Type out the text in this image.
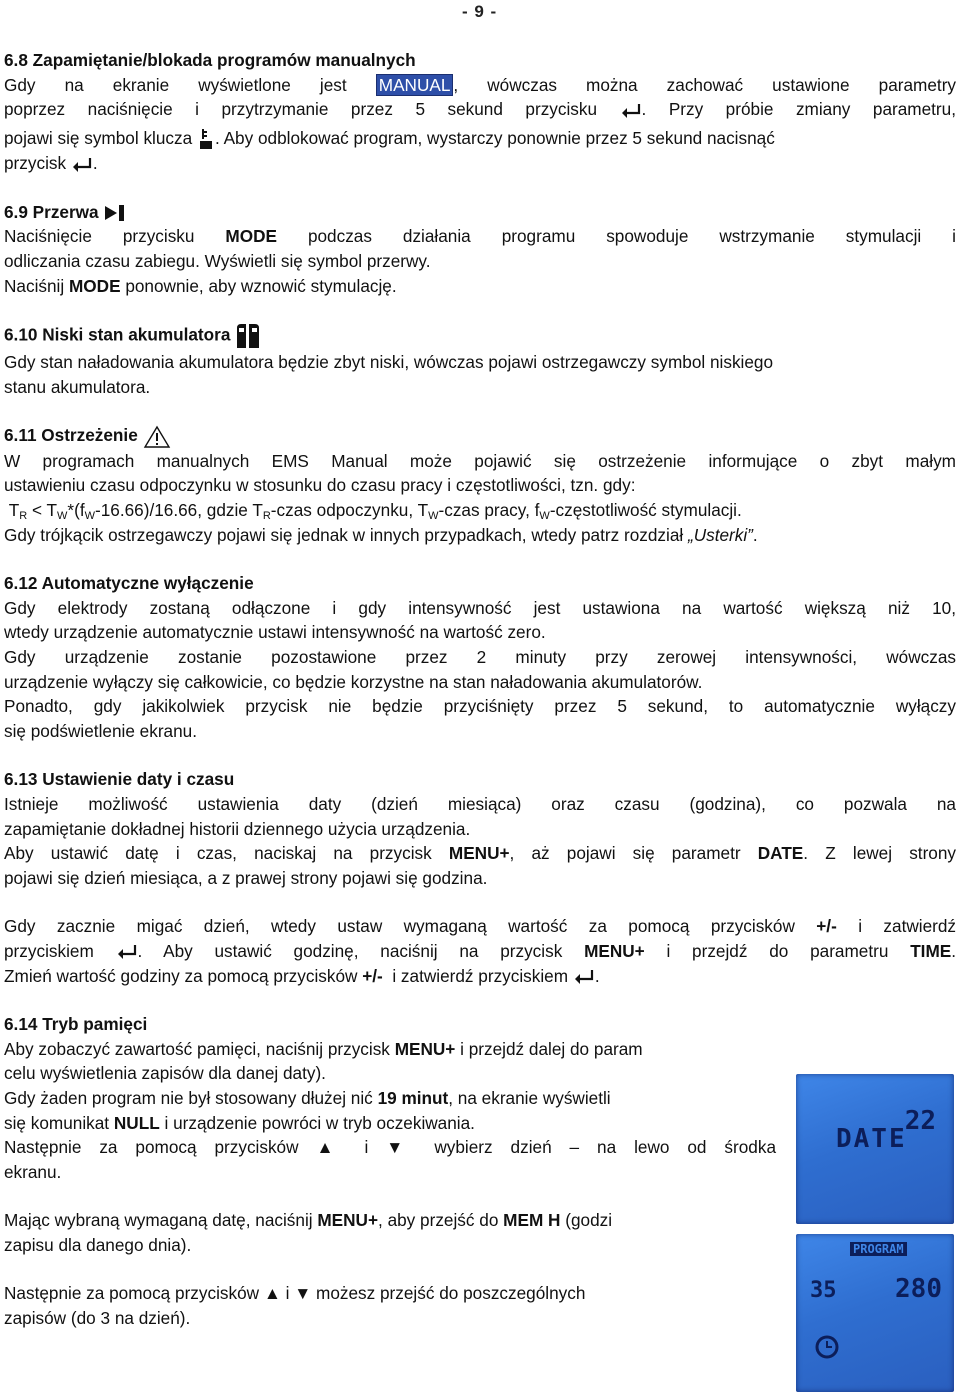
- 9 -
6.8 Zapamiętanie/blokada programów manualnych
Gdy na ekranie wyświetlone jest MANUAL , wówczas można zachować ustawione parametry
poprzez naciśnięcie i przytrzymanie przez 5 sekund przycisku	. Przy próbie zmiany parametru,
pojawi się symbol klucza . Aby odblokować program, wystarczy ponownie przez 5 sekund nacisnąć
przycisk .
6.9 Przerwa
Naciśnięcie przycisku MODE podczas działania programu spowoduje wstrzymanie stymulacji i
odliczania czasu zabiegu. Wyświetli się symbol przerwy.
Naciśnij MODE ponownie, aby wznowić stymulację.
6.10 Niski stan akumulatora
Gdy stan naładowania akumulatora będzie zbyt niski, wówczas pojawi ostrzegawczy symbol niskiego
stanu akumulatora.
6.11 Ostrzeżenie
W programach manualnych EMS Manual może pojawić się ostrzeżenie informujące o zbyt małym
ustawieniu czasu odpoczynku w stosunku do czasu pracy i częstotliwości, tzn. gdy:
$T_R < T_W*(f_W-16.66)/16.66$, gdzie $T_R$-czas odpoczynku, $T_W$-czas pracy, $f_W$-częstotliwość stymulacji.
Gdy trójkącik ostrzegawczy pojawi się jednak w innych przypadkach, wtedy patrz rozdział „Usterki”.
6.12 Automatyczne wyłączenie
Gdy elektrody zostaną odłączone i gdy intensywność jest ustawiona na wartość większą niż 10,
wtedy urządzenie automatycznie ustawi intensywność na wartość zero.
Gdy urządzenie zostanie pozostawione przez 2 minuty przy zerowej intensywności, wówczas
urządzenie wyłączy się całkowicie, co będzie korzystne na stan naładowania akumulatorów.
Ponadto, gdy jakikolwiek przycisk nie będzie przyciśnięty przez 5 sekund, to automatycznie wyłączy
się podświetlenie ekranu.
6.13 Ustawienie daty i czasu
Istnieje możliwość ustawienia daty (dzień miesiąca) oraz czasu (godzina), co pozwala na
zapamiętanie dokładnej historii dziennego użycia urządzenia.
Aby ustawić datę i czas, naciskaj na przycisk MENU+, aż pojawi się parametr DATE. Z lewej strony
pojawi się dzień miesiąca, a z prawej strony pojawi się godzina.
Gdy zacznie migać dzień, wtedy ustaw wymaganą wartość za pomocą przycisków +/- i zatwierdź
przyciskiem	. Aby ustawić godzinę, naciśnij na przycisk MENU+ i przejdź do parametru TIME.
Zmień wartość godziny za pomocą przycisków +/- i zatwierdź przyciskiem .
6.14 Tryb pamięci
Aby zobaczyć zawartość pamięci, naciśnij przycisk MENU+ i przejdź dalej do param
celu wyświetlenia zapisów dla danej daty).
Gdy żaden program nie był stosowany dłużej nić 19 minut, na ekranie wyświetli
się komunikat NULL i urządzenie powróci w tryb oczekiwania.
Następnie za pomocą przycisków ▲ i ▼ wybierz dzień – na lewo od środka
ekranu.
Mając wybraną wymaganą datę, naciśnij MENU+, aby przejść do MEM H (godzi
zapisu dla danego dnia).
Następnie za pomocą przycisków ▲ i ▼ możesz przejść do poszczególnych
zapisów (do 3 na dzień).
22
DATE
PROGRAM
35 280
